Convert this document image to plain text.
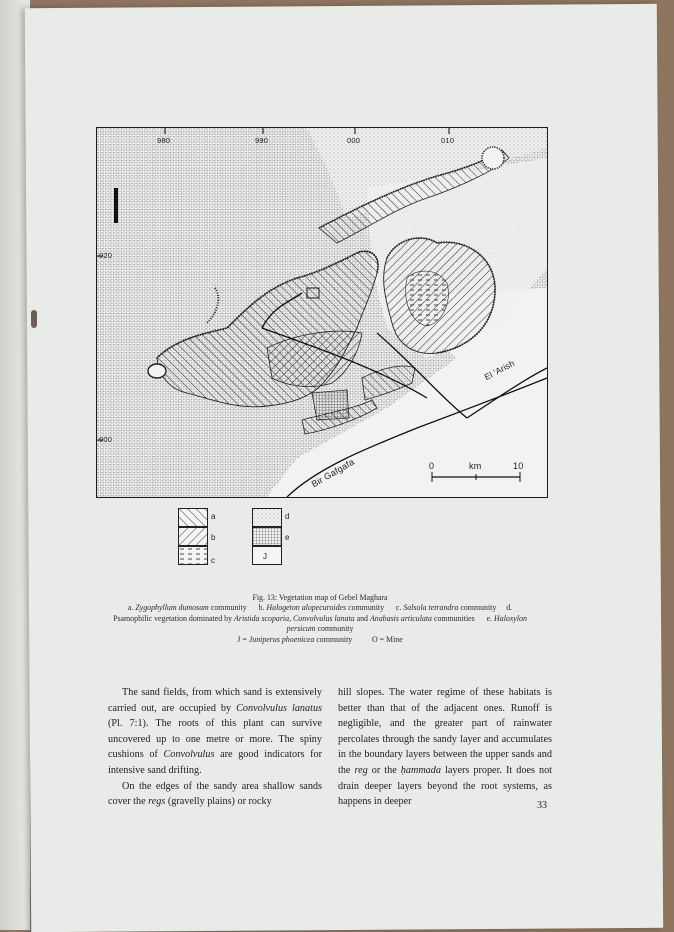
980	990	000	010
020
000
El 'Arish
Bir Gafgafa	0	km	10
a
b
c
d
e
J
Fig. 13: Vegetation map of Gebel Maghara
a. Zygophyllum dumosum community b. Halogeton alopecuroides community c. Salsola tetrandra community d. Psamophilic vegetation dominated by Aristida scoparia, Convolvulus lanata and Anabasis articulata communities e. Haloxylon persicum community
J = Juniperus phoenicea community O = Mine

The sand fields, from which sand is extensively carried out, are occupied by Convolvulus lanatus (Pl. 7:1). The roots of this plant can survive uncovered up to one metre or more. The spiny cushions of Convolvulus are good indicators for intensive sand drifting.

On the edges of the sandy area shallow sands cover the regs (gravelly plains) or rocky

hill slopes. The water regime of these habitats is better than that of the adjacent ones. Runoff is negligible, and the greater part of rainwater percolates through the sandy layer and accumulates in the boundary layers between the upper sands and the reg or the ḥammada layers proper. It does not drain deeper layers beyond the root systems, as happens in deeper	33
